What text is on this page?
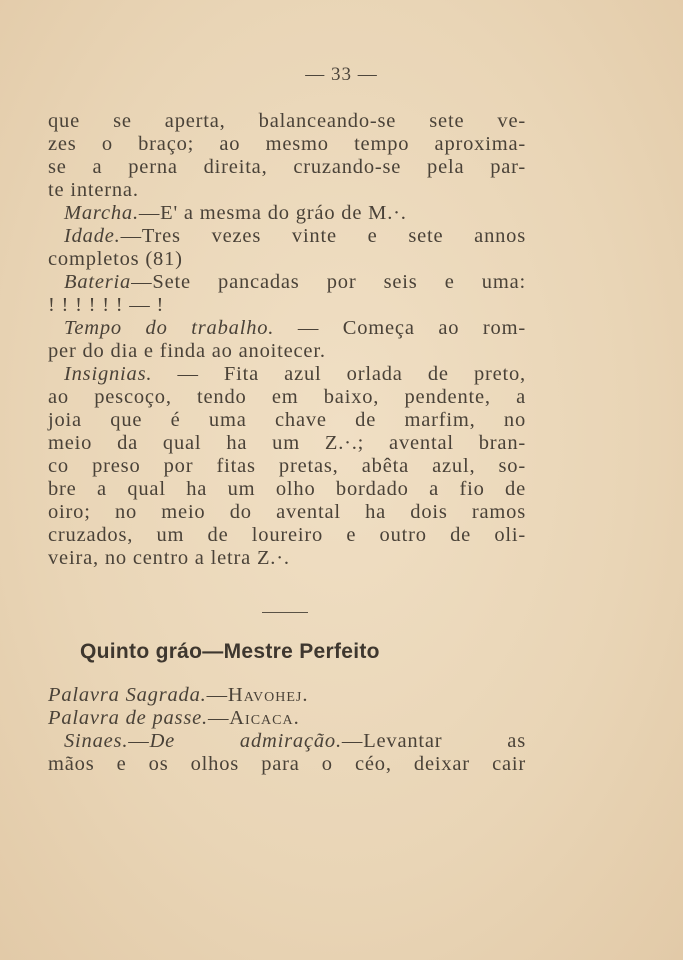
— 33 —
que se aperta, balanceando-se sete ve-
zes o braço; ao mesmo tempo aproxima-
se a perna direita, cruzando-se pela par-
te interna.
Marcha.—E' a mesma do gráo de M.·.
Idade.—Tres vezes vinte e sete annos
completos (81)
Bateria—Sete pancadas por seis e uma:
! ! ! ! ! ! — !
Tempo do trabalho. — Começa ao rom-
per do dia e finda ao anoitecer.
Insignias. — Fita azul orlada de preto,
ao pescoço, tendo em baixo, pendente, a
joia que é uma chave de marfim, no
meio da qual ha um Z.·.; avental bran-
co preso por fitas pretas, abêta azul, so-
bre a qual ha um olho bordado a fio de
oiro; no meio do avental ha dois ramos
cruzados, um de loureiro e outro de oli-
veira, no centro a letra Z.·.
Quinto gráo—Mestre Perfeito
Palavra Sagrada.—Havohej.
Palavra de passe.—Aicaca.
Sinaes.—De admiração.—Levantar as
mãos e os olhos para o céo, deixar cair
